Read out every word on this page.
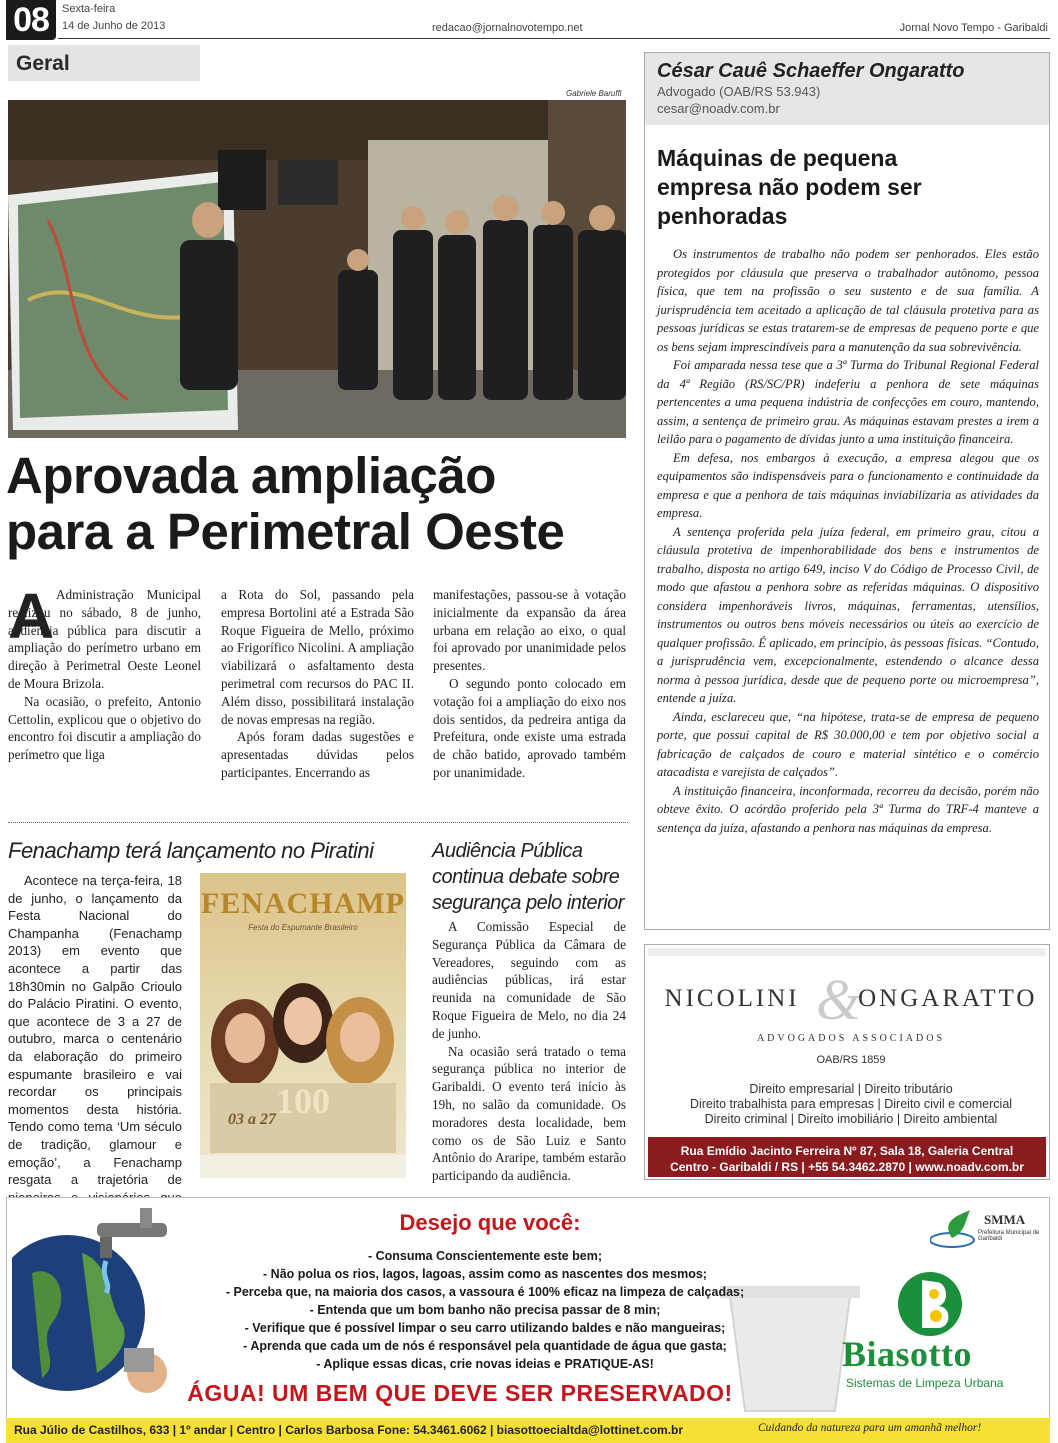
08	Sexta-feira
14 de Junho de 2013	redacao@jornalnovotempo.net	Jornal Novo Tempo - Garibaldi
Geral
Gabriele Baruffi
Aprovada ampliação
para a Perimetral Oeste
A Administração Municipal realizou no sábado, 8 de junho, audiência pública para discutir a ampliação do perímetro urbano em direção à Perimetral Oeste Leonel de Moura Brizola.

Na ocasião, o prefeito, Antonio Cettolin, explicou que o objetivo do encontro foi discutir a ampliação do perímetro que liga

a Rota do Sol, passando pela empresa Bortolini até a Estrada São Roque Figueira de Mello, próximo ao Frigorífico Nicolini. A ampliação viabilizará o asfaltamento desta perimetral com recursos do PAC II. Além disso, possibilitará instalação de novas empresas na região.

Após foram dadas sugestões e apresentadas dúvidas pelos participantes. Encerrando as

manifestações, passou-se à votação inicialmente da expansão da área urbana em relação ao eixo, o qual foi aprovado por unanimidade pelos presentes.

O segundo ponto colocado em votação foi a ampliação do eixo nos dois sentidos, da pedreira antiga da Prefeitura, onde existe uma estrada de chão batido, aprovado também por unanimidade.

Fenachamp terá lançamento no Piratini
Acontece na terça-feira, 18 de junho, o lançamento da Festa Nacional do Champanha (Fenachamp 2013) em evento que acontece a partir das 18h30min no Galpão Crioulo do Palácio Piratini. O evento, que acontece de 3 a 27 de outubro, marca o centenário da elaboração do primeiro espumante brasileiro e vai recordar os principais momentos desta história. Tendo como tema ‘Um século de tradição, glamour e emoção’, a Fenachamp resgata a trajetória de
FENACHAMP
Festa do Espumante Brasileiro
100
03 a 27
Audiência Pública
continua debate sobre
segurança pelo interior

A Comissão Especial de Segurança Pública da Câmara de Vereadores, seguindo com as audiências públicas, irá estar reunida na comunidade de São Roque Figueira de Melo, no dia 24 de junho.

Na ocasião será tratado o tema segurança pública no interior de Garibaldi. O evento terá início às 19h, no salão da comunidade. Os moradores desta localidade, bem como os de São Luiz e Santo Antônio do Araripe, também estarão participando da audiência.

César Cauê Schaeffer Ongaratto
Advogado (OAB/RS 53.943)
cesar@noadv.com.br
Máquinas de pequena
empresa não podem ser
penhoradas

Os instrumentos de trabalho não podem ser penhorados. Eles estão protegidos por cláusula que preserva o trabalhador autônomo, pessoa física, que tem na profissão o seu sustento e de sua família. A jurisprudência tem aceitado a aplicação de tal cláusula protetiva para as pessoas jurídicas se estas tratarem-se de empresas de pequeno porte e que os bens sejam imprescindíveis para a manutenção da sua sobrevivência.

Foi amparada nessa tese que a 3ª Turma do Tribunal Regional Federal da 4ª Região (RS/SC/PR) indeferiu a penhora de sete máquinas pertencentes a uma pequena indústria de confecções em couro, mantendo, assim, a sentença de primeiro grau. As máquinas estavam prestes a irem a leilão para o pagamento de dívidas junto a uma instituição financeira.

Em defesa, nos embargos à execução, a empresa alegou que os equipamentos são indispensáveis para o funcionamento e continuidade da empresa e que a penhora de tais máquinas inviabilizaria as atividades da empresa.

A sentença proferida pela juíza federal, em primeiro grau, citou a cláusula protetiva de impenhorabilidade dos bens e instrumentos de trabalho, disposta no artigo 649, inciso V do Código de Processo Civil, de modo que afastou a penhora sobre as referidas máquinas. O dispositivo considera impenhoráveis livros, máquinas, ferramentas, utensílios, instrumentos ou outros bens móveis necessários ou úteis ao exercício de qualquer profissão. É aplicado, em princípio, às pessoas físicas. “Contudo, a jurisprudência vem, excepcionalmente, estendendo o alcance dessa norma à pessoa jurídica, desde que de pequeno porte ou microempresa”, entende a juíza.

Ainda, esclareceu que, “na hipótese, trata-se de empresa de pequeno porte, que possui capital de R$ 30.000,00 e tem por objetivo social a fabricação de calçados de couro e material sintético e o comércio atacadista e varejista de calçados”.

A instituição financeira, inconformada, recorreu da decisão, porém não obteve êxito. O acórdão proferido pela 3ª Turma do TRF-4 manteve a sentença da juíza, afastando a penhora nas máquinas da empresa.

&
NICOLINI ONGARATTO
ADVOGADOS ASSOCIADOS
OAB/RS 1859
Direito empresarial | Direito tributário
Direito trabalhista para empresas | Direito civil e comercial
Direito criminal | Direito imobiliário | Direito ambiental
Rua Emídio Jacinto Ferreira Nº 87, Sala 18, Galeria Central
Centro - Garibaldi / RS | +55 54.3462.2870 | www.noadv.com.br
Desejo que você:
- Consuma Conscientemente este bem;
- Não polua os rios, lagos, lagoas, assim como as nascentes dos mesmos;
- Perceba que, na maioria dos casos, a vassoura é 100% eficaz na limpeza de calçadas;
- Entenda que um bom banho não precisa passar de 8 min;
- Verifique que é possível limpar o seu carro utilizando baldes e não mangueiras;
- Aprenda que cada um de nós é responsável pela quantidade de água que gasta;
- Aplique essas dicas, crie novas ideias e PRATIQUE-AS!
ÁGUA! UM BEM QUE DEVE SER PRESERVADO!
SMMA
Prefeitura Municipal de Garibaldi
Biasotto
Sistemas de Limpeza Urbana
Rua Júlio de Castilhos, 633 | 1º andar | Centro | Carlos Barbosa Fone: 54.3461.6062 | biasottoecialtda@lottinet.com.br	Cuidando da natureza para um amanhã melhor!
